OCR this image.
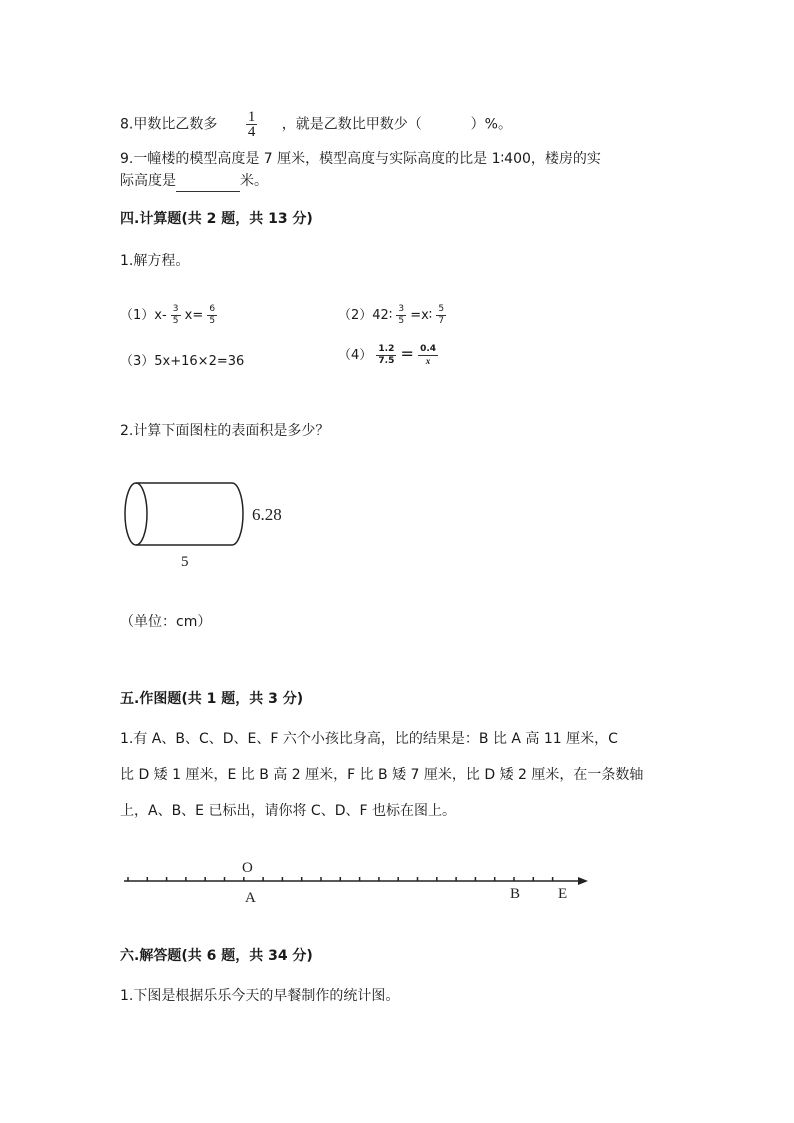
8.甲数比乙数多 $\frac{1}{4}$ ，就是乙数比甲数少（	）%。
9.一幢楼的模型高度是 7 厘米，模型高度与实际高度的比是 1∶400，楼房的实
际高度是	米。
四.计算题(共 2 题，共 13 分)
1.解方程。
$(1)x- \frac{3}{5} x= \frac{6}{5}$	（2）42∶ $\frac{3}{5}$ =x∶ $\frac{5}{7}$
（3）5x+16×2=36	$(4) \frac{1.2}{7.5} = \frac{0.4}{x}$
2.计算下面图柱的表面积是多少？
6.28
5
（单位：cm）
五.作图题(共 1 题，共 3 分)
1.有 A、B、C、D、E、F 六个小孩比身高，比的结果是：B 比 A 高 11 厘米，C
比 D 矮 1 厘米，E 比 B 高 2 厘米，F 比 B 矮 7 厘米，比 D 矮 2 厘米，在一条数轴
上，A、B、E 已标出，请你将 C、D、F 也标在图上。
O
A	B	E
六.解答题(共 6 题，共 34 分)
1.下图是根据乐乐今天的早餐制作的统计图。
